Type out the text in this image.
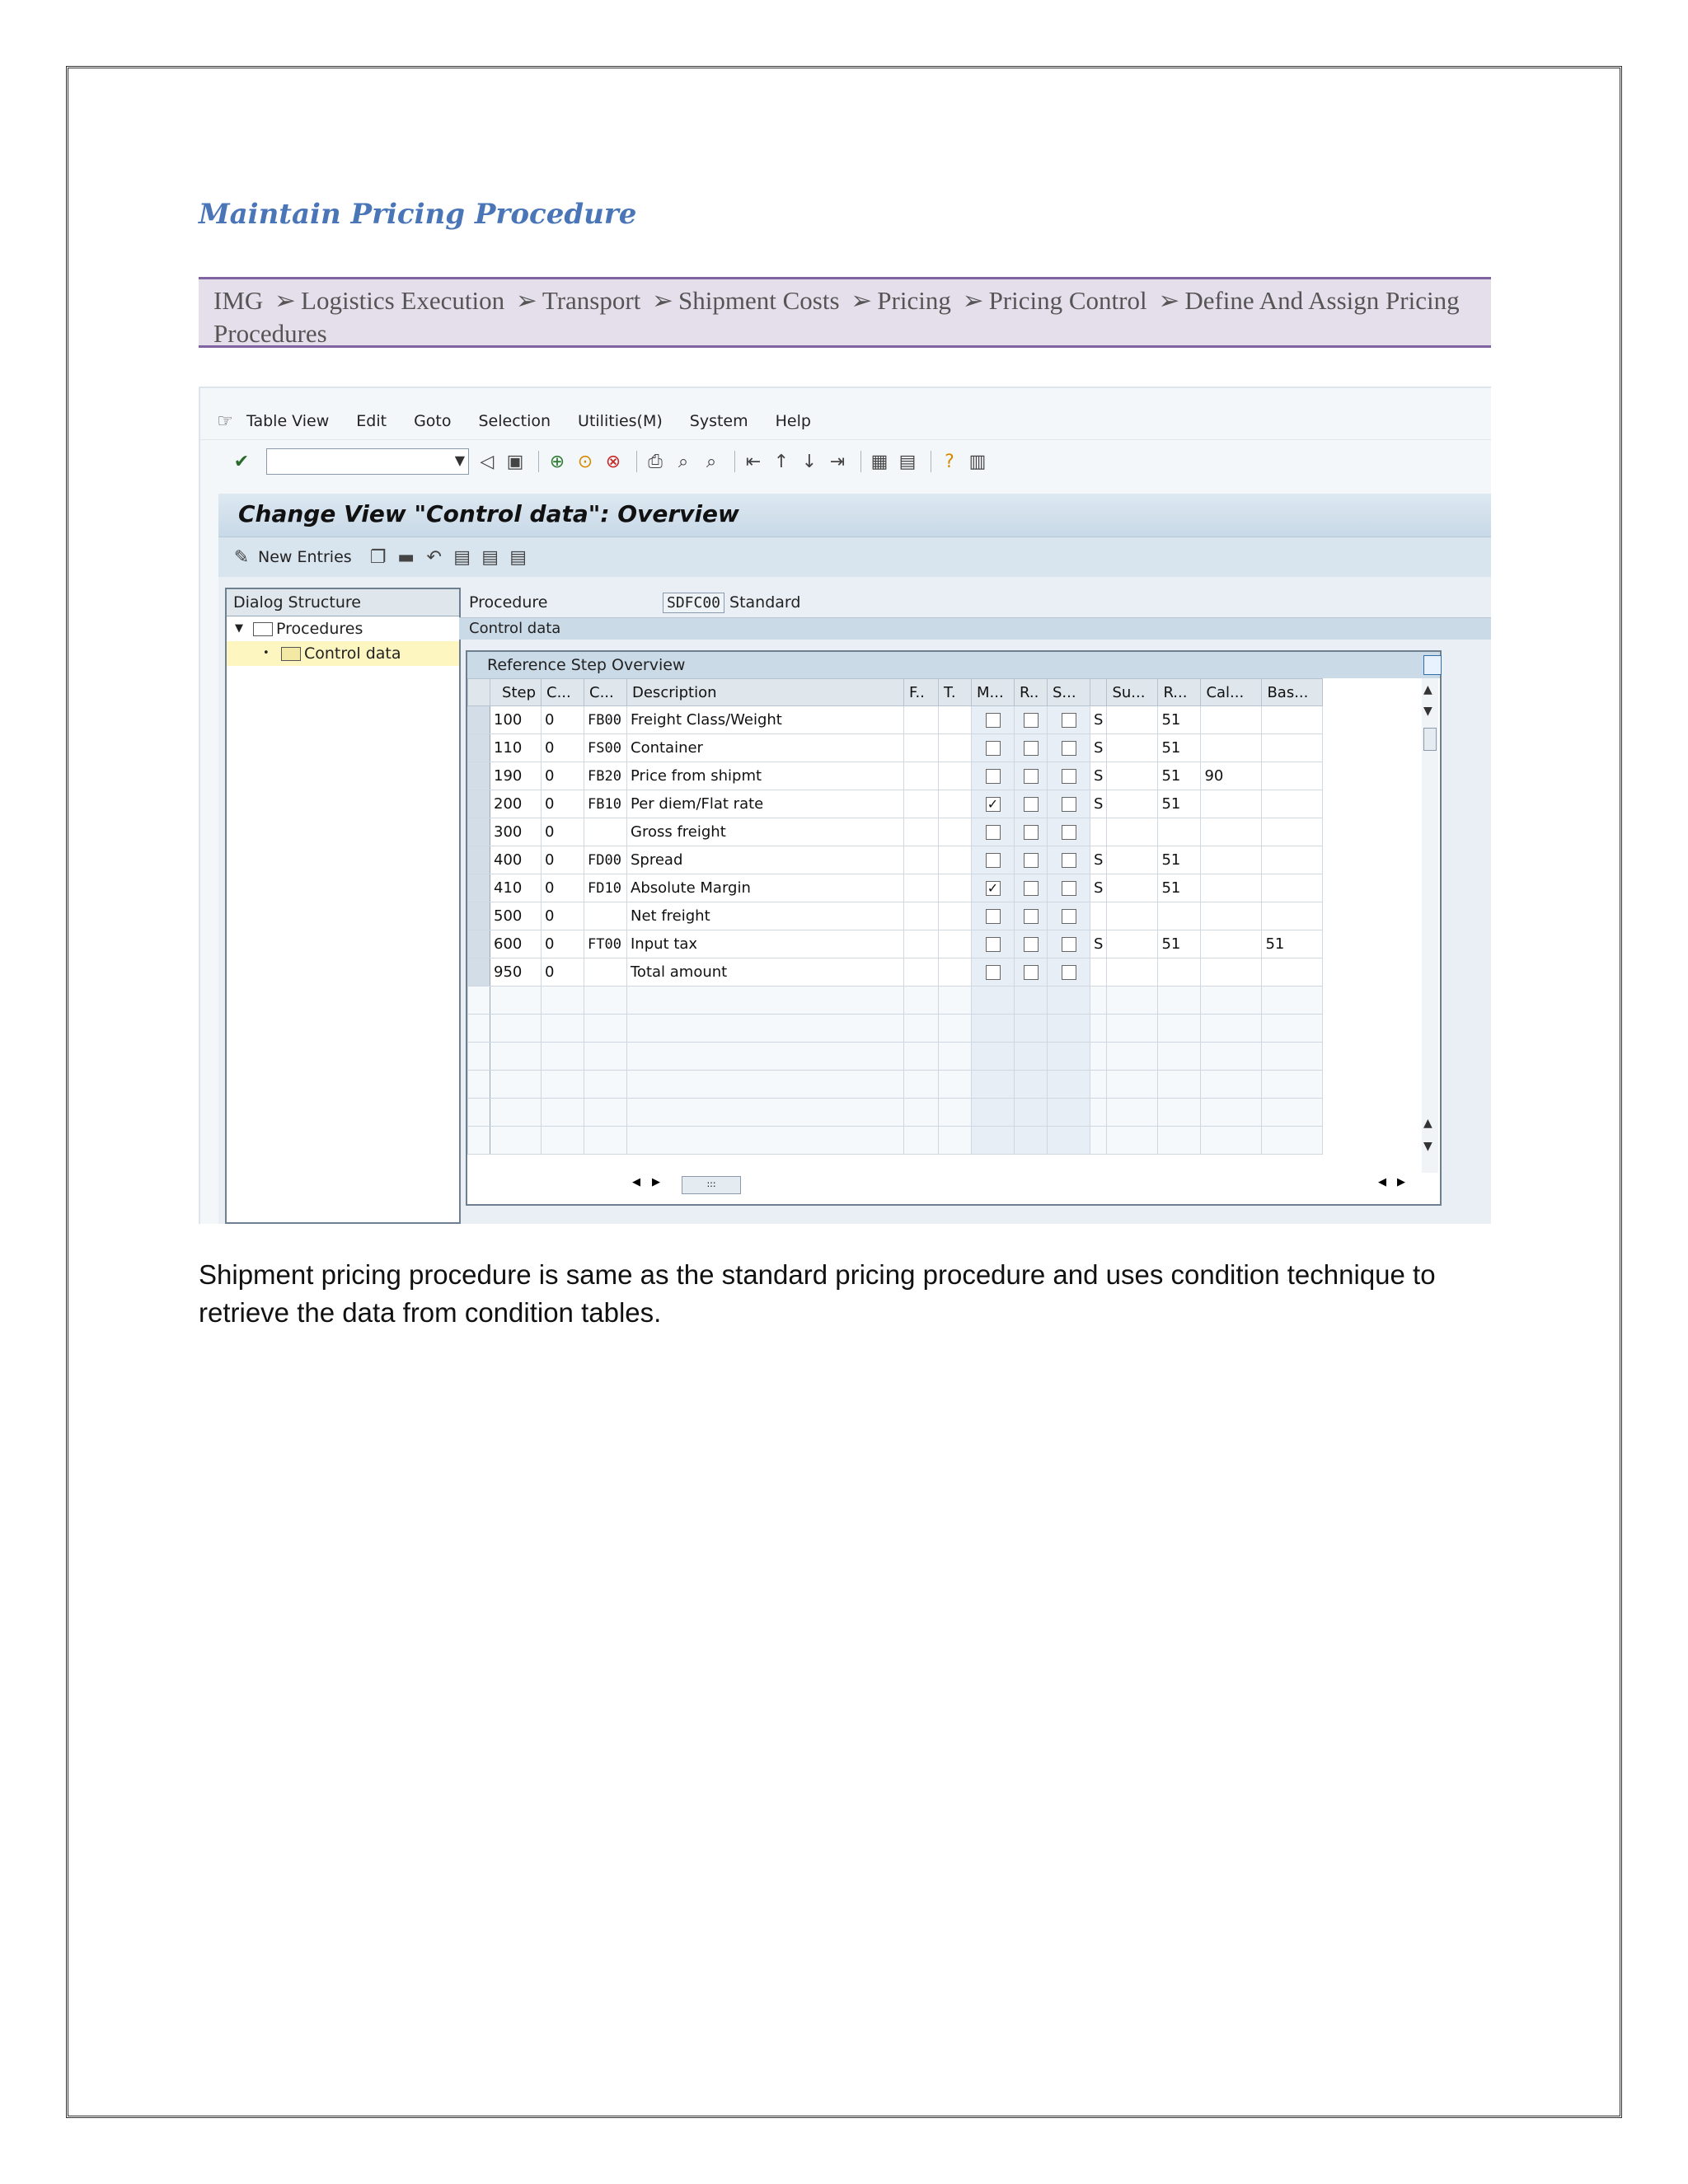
Maintain Pricing Procedure
IMG ➢ Logistics Execution ➢ Transport ➢ Shipment Costs ➢ Pricing ➢ Pricing Control ➢ Define And Assign Pricing Procedures
☞ Table View Edit Goto Selection Utilities(M) System Help
✔	▼ ◁ ▣ ⊕ ⊙ ⊗ ⎙ ⌕ ⌕	⇤ ↑ ↓ ⇥ ▦ ▤	? ▥
Change View "Control data": Overview
✎ New Entries ❐ ▬ ↶ ▤ ▤ ▤
Dialog Structure
▼ Procedures
•	Control data
Procedure	SDFC00 Standard
Control data
Reference Step Overview
	Step	C...	C...	Description	F..	T.	M...	R..	S...		Su...	R...	Cal...	Bas...
	100	0	FB00	Freight Class/Weight						S		51		
	110	0	FS00	Container						S		51		
	190	0	FB20	Price from shipmt						S		51	90	
	200	0	FB10	Per diem/Flat rate			✓			S		51		
	300	0		Gross freight										
	400	0	FD00	Spread						S		51		
	410	0	FD10	Absolute Margin			✓			S		51		
	500	0		Net freight										
	600	0	FT00	Input tax						S		51		51
	950	0		Total amount										

▲
▼
▲
▼
◀ ▶	:::	◀ ▶
Shipment pricing procedure is same as the standard pricing procedure and uses condition technique to retrieve the data from condition tables.
